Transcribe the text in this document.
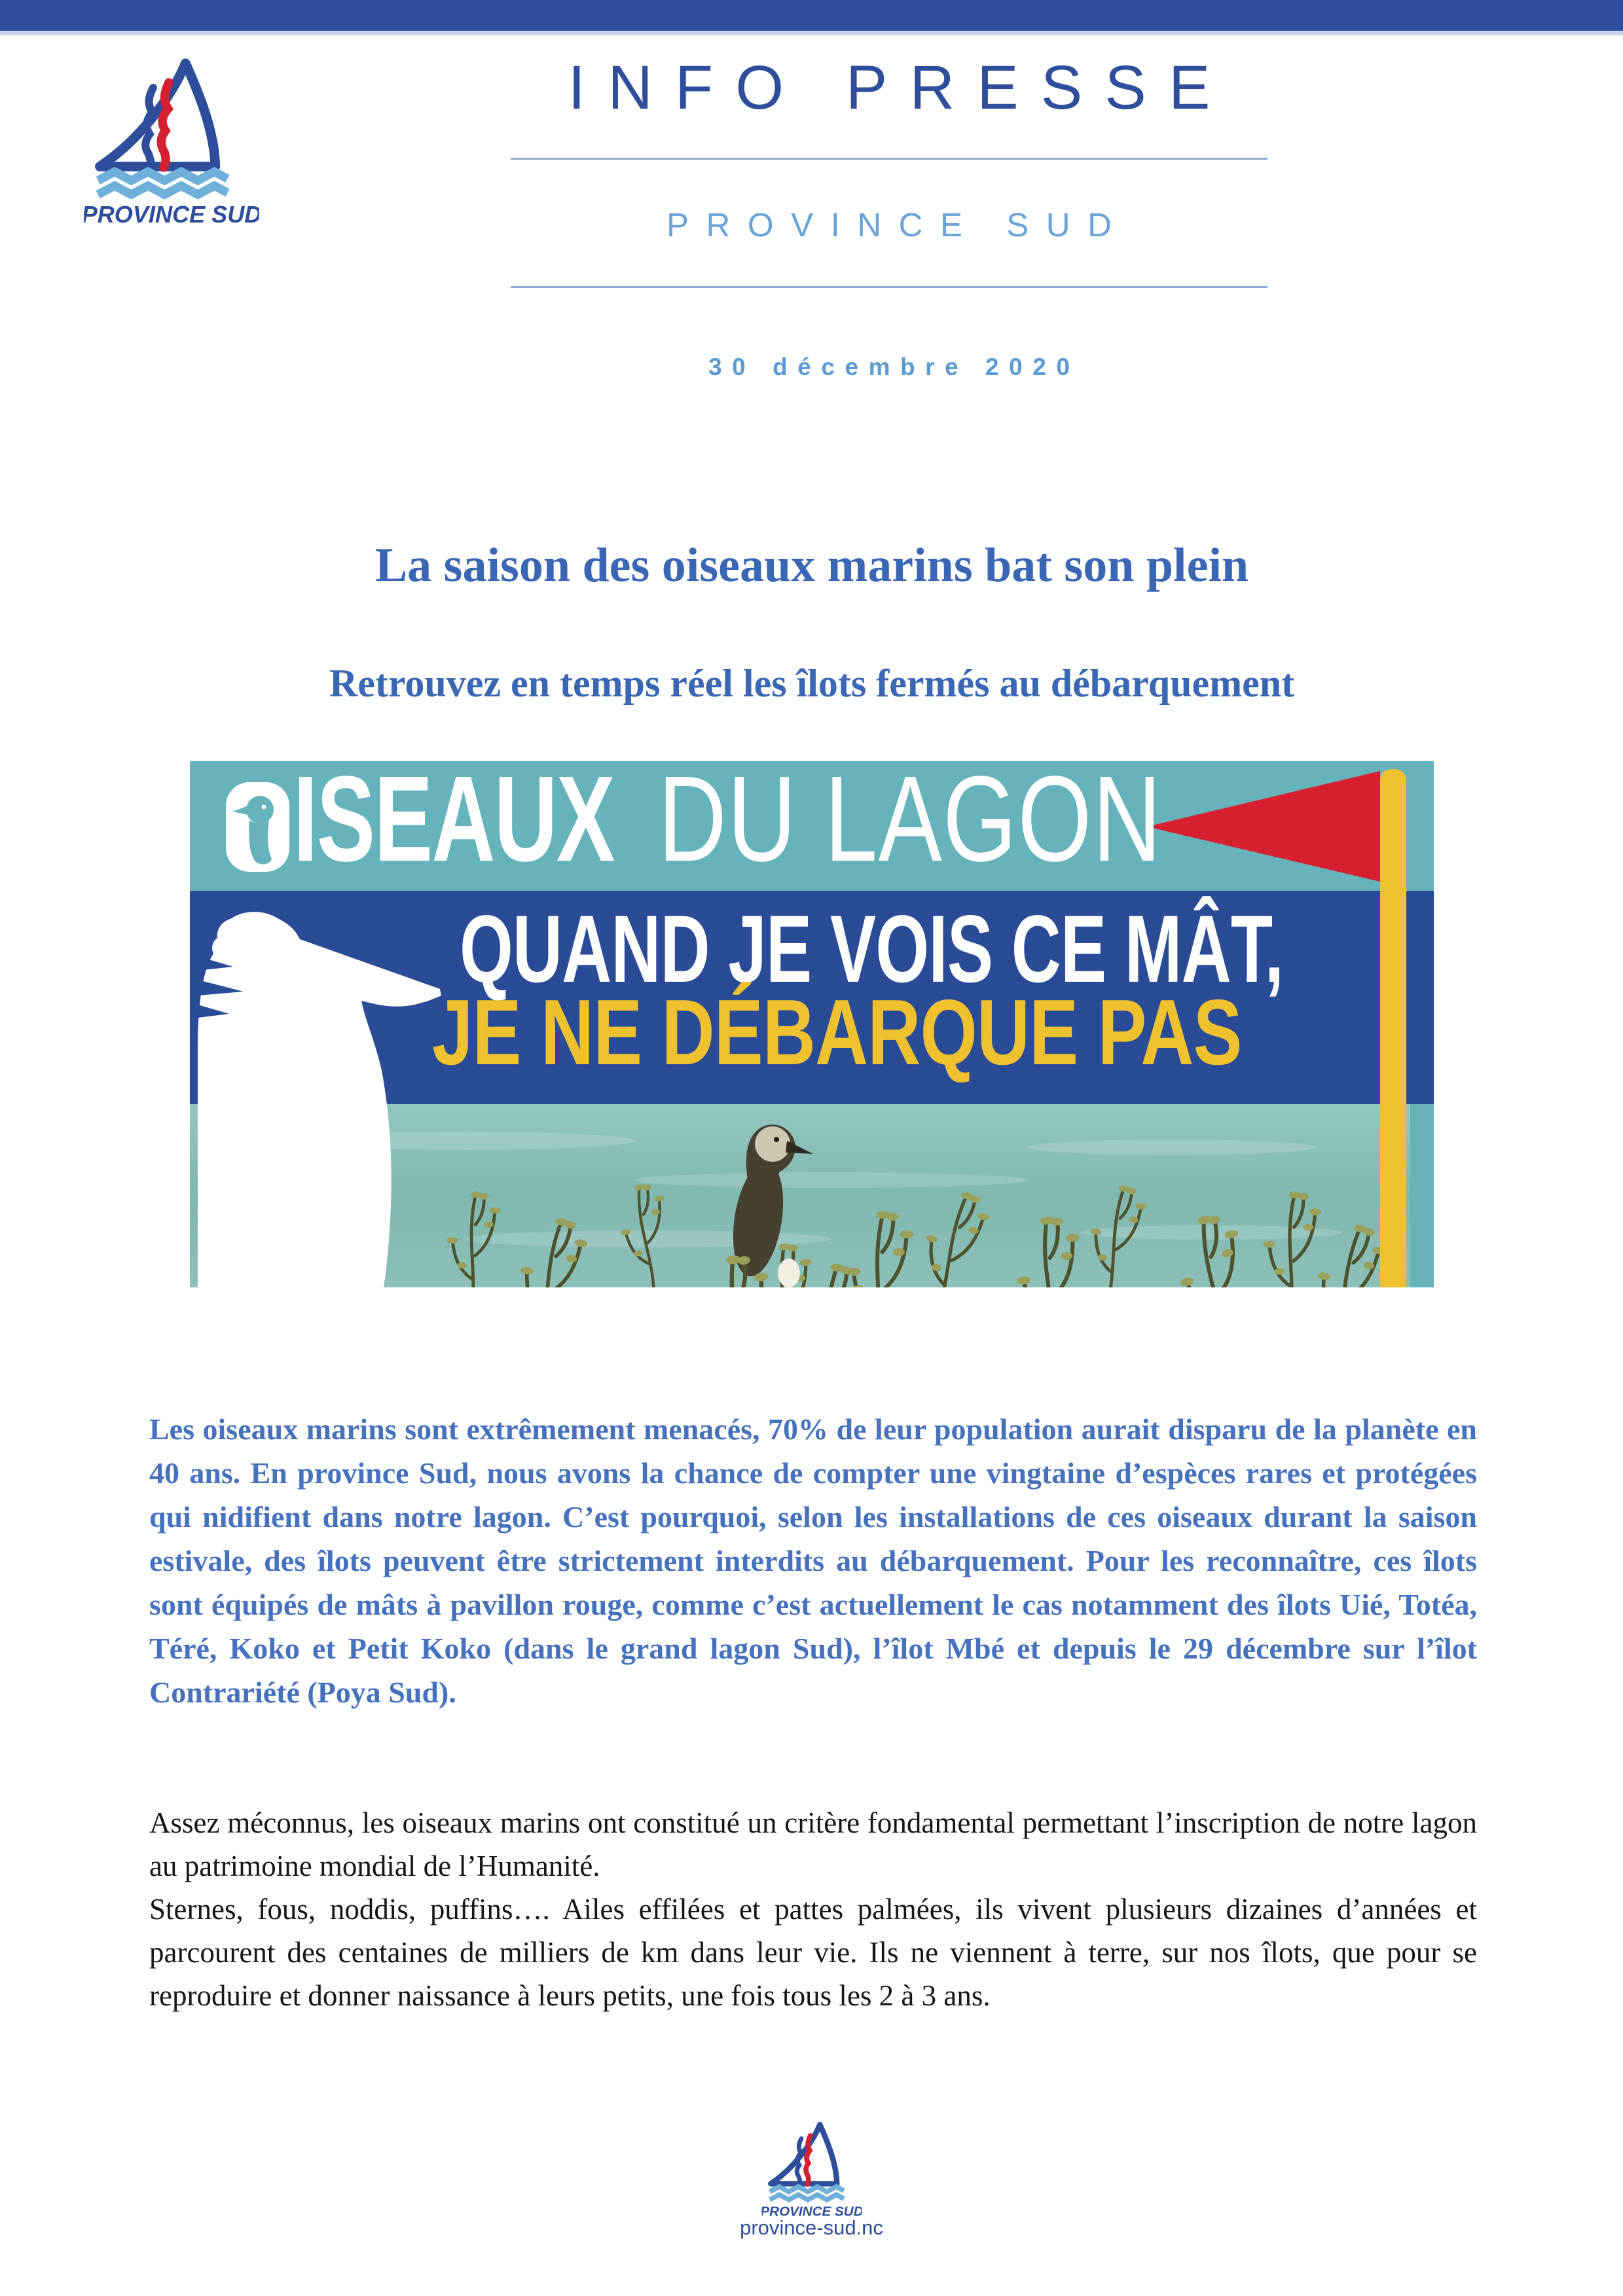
INFO PRESSE
PROVINCE SUD
30 décembre 2020
La saison des oiseaux marins bat son plein
Retrouvez en temps réel les îlots fermés au débarquement
ISEAUX DU LAGON
QUAND JE VOIS CE MÂT,
JE NE DÉBARQUE PAS

Les oiseaux marins sont extrêmement menacés, 70% de leur population aurait disparu de la planète en 40 ans. En province Sud, nous avons la chance de compter une vingtaine d’espèces rares et protégées qui nidifient dans notre lagon. C’est pourquoi, selon les installations de ces oiseaux durant la saison estivale, des îlots peuvent être strictement interdits au débarquement. Pour les reconnaître, ces îlots sont équipés de mâts à pavillon rouge, comme c’est actuellement le cas notamment des îlots Uié, Totéa, Téré, Koko et Petit Koko (dans le grand lagon Sud), l’îlot Mbé et depuis le 29 décembre sur l’îlot Contrariété (Poya Sud).

Assez méconnus, les oiseaux marins ont constitué un critère fondamental permettant l’inscription de notre lagon au patrimoine mondial de l’Humanité.

Sternes, fous, noddis, puffins…. Ailes effilées et pattes palmées, ils vivent plusieurs dizaines d’années et parcourent des centaines de milliers de km dans leur vie. Ils ne viennent à terre, sur nos îlots, que pour se reproduire et donner naissance à leurs petits, une fois tous les 2 à 3 ans.

province-sud.nc
